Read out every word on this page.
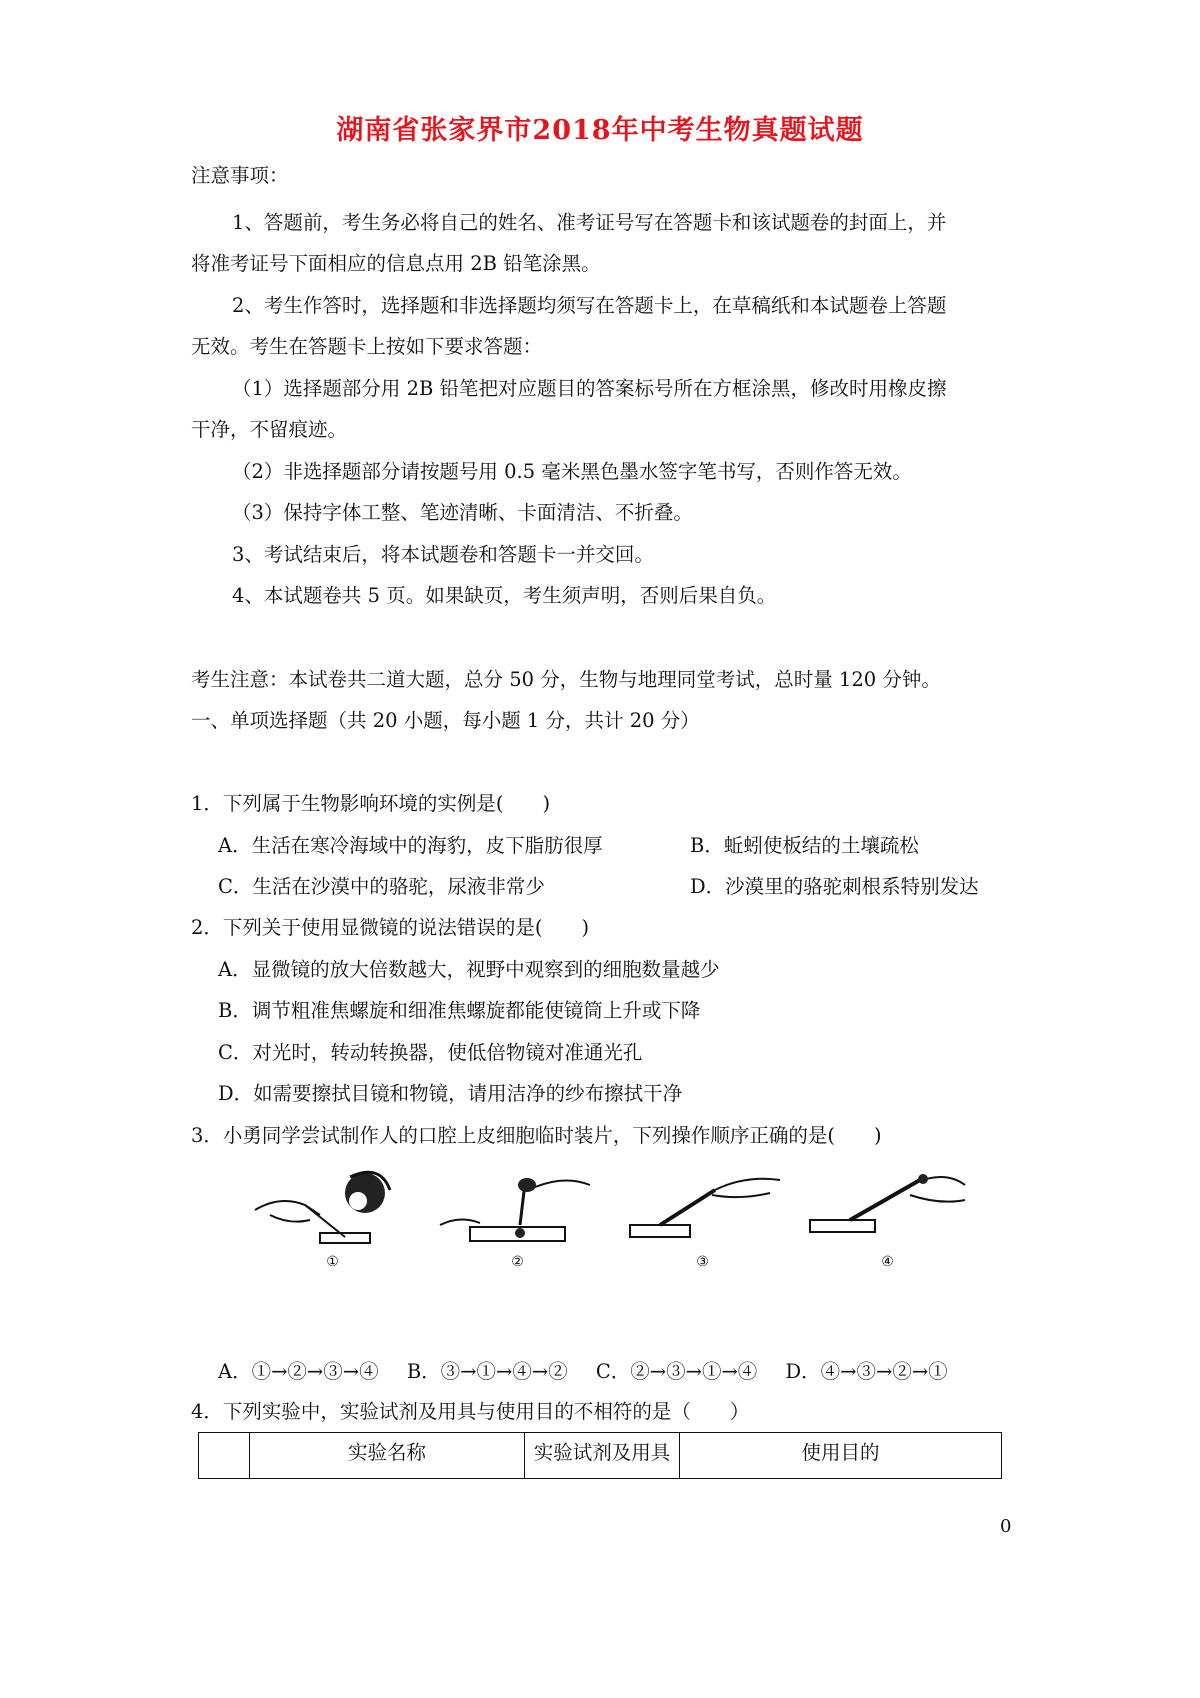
湖南省张家界市2018年中考生物真题试题
注意事项：
1、答题前，考生务必将自己的姓名、准考证号写在答题卡和该试题卷的封面上，并
将准考证号下面相应的信息点用 2B 铅笔涂黑。
2、考生作答时，选择题和非选择题均须写在答题卡上，在草稿纸和本试题卷上答题
无效。考生在答题卡上按如下要求答题：
（1）选择题部分用 2B 铅笔把对应题目的答案标号所在方框涂黑，修改时用橡皮擦
干净，不留痕迹。
（2）非选择题部分请按题号用 0.5 毫米黑色墨水签字笔书写，否则作答无效。
（3）保持字体工整、笔迹清晰、卡面清洁、不折叠。
3、考试结束后，将本试题卷和答题卡一并交回。
4、本试题卷共 5 页。如果缺页，考生须声明，否则后果自负。
考生注意：本试卷共二道大题，总分 50 分，生物与地理同堂考试，总时量 120 分钟。
一、单项选择题（共 20 小题，每小题 1 分，共计 20 分）
1．下列属于生物影响环境的实例是(　　)
A．生活在寒冷海域中的海豹，皮下脂肪很厚	B．蚯蚓使板结的土壤疏松
C．生活在沙漠中的骆驼，尿液非常少	D．沙漠里的骆驼刺根系特别发达
2．下列关于使用显微镜的说法错误的是(　　)
A．显微镜的放大倍数越大，视野中观察到的细胞数量越少
B．调节粗准焦螺旋和细准焦螺旋都能使镜筒上升或下降
C．对光时，转动转换器，使低倍物镜对准通光孔
D．如需要擦拭目镜和物镜，请用洁净的纱布擦拭干净
3．小勇同学尝试制作人的口腔上皮细胞临时装片，下列操作顺序正确的是(　　)
①	②	③	④
A．①→②→③→④ B．③→①→④→② C．②→③→①→④ D．④→③→②→①
4．下列实验中，实验试剂及用具与使用目的不相符的是（　　）
	实验名称	实验试剂及用具	使用目的
0
